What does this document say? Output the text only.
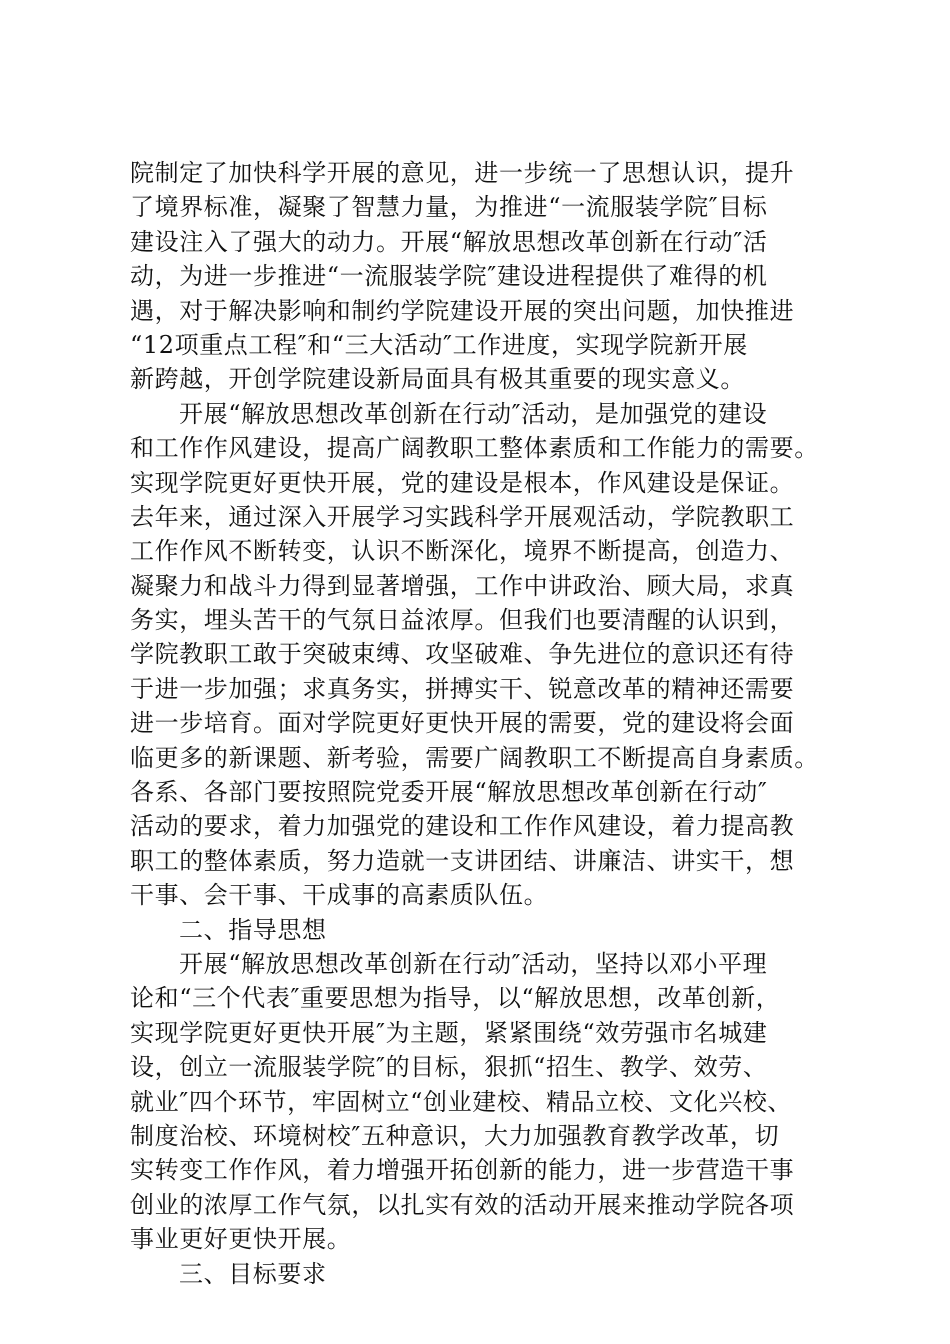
院制定了加快科学开展的意见，进一步统一了思想认识，提升
了境界标准，凝聚了智慧力量，为推进“一流服装学院″目标
建设注入了强大的动力。开展“解放思想改革创新在行动″活
动，为进一步推进“一流服装学院″建设进程提供了难得的机
遇，对于解决影响和制约学院建设开展的突出问题，加快推进
“12项重点工程″和“三大活动″工作进度，实现学院新开展
新跨越，开创学院建设新局面具有极其重要的现实意义。
开展“解放思想改革创新在行动″活动，是加强党的建设
和工作作风建设，提高广阔教职工整体素质和工作能力的需要。
实现学院更好更快开展，党的建设是根本，作风建设是保证。
去年来，通过深入开展学习实践科学开展观活动，学院教职工
工作作风不断转变，认识不断深化，境界不断提高，创造力、
凝聚力和战斗力得到显著增强，工作中讲政治、顾大局，求真
务实，埋头苦干的气氛日益浓厚。但我们也要清醒的认识到，
学院教职工敢于突破束缚、攻坚破难、争先进位的意识还有待
于进一步加强；求真务实，拼搏实干、锐意改革的精神还需要
进一步培育。面对学院更好更快开展的需要，党的建设将会面
临更多的新课题、新考验，需要广阔教职工不断提高自身素质。
各系、各部门要按照院党委开展“解放思想改革创新在行动″
活动的要求，着力加强党的建设和工作作风建设，着力提高教
职工的整体素质，努力造就一支讲团结、讲廉洁、讲实干，想
干事、会干事、干成事的高素质队伍。
二、指导思想
开展“解放思想改革创新在行动″活动，坚持以邓小平理
论和“三个代表″重要思想为指导，以“解放思想，改革创新，
实现学院更好更快开展″为主题，紧紧围绕“效劳强市名城建
设，创立一流服装学院″的目标，狠抓“招生、教学、效劳、
就业″四个环节，牢固树立“创业建校、精品立校、文化兴校、
制度治校、环境树校″五种意识，大力加强教育教学改革，切
实转变工作作风，着力增强开拓创新的能力，进一步营造干事
创业的浓厚工作气氛，以扎实有效的活动开展来推动学院各项
事业更好更快开展。
三、目标要求
